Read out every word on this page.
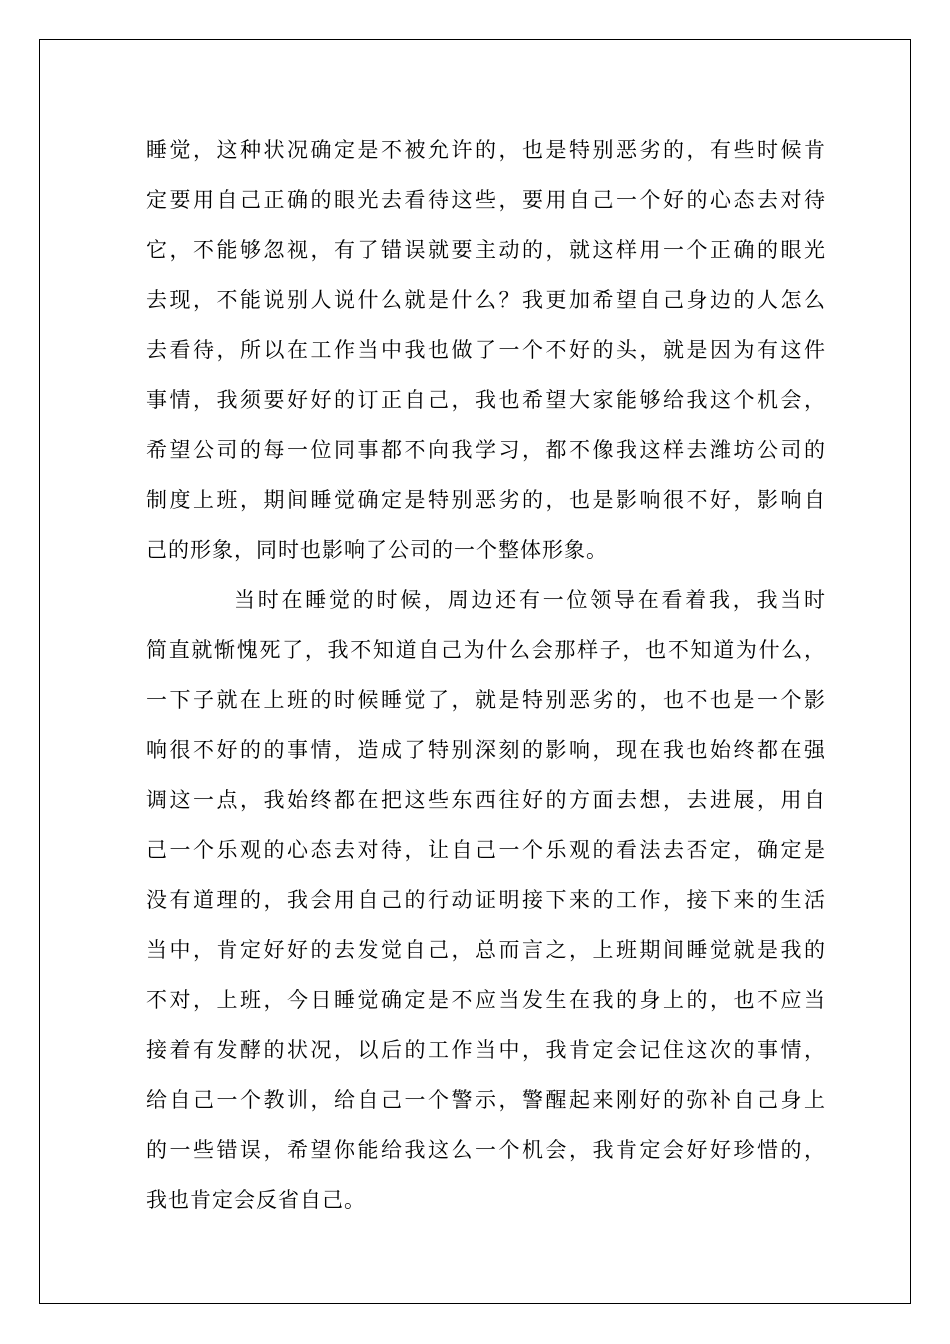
睡觉，这种状况确定是不被允许的，也是特别恶劣的，有些时候肯
定要用自己正确的眼光去看待这些，要用自己一个好的心态去对待
它，不能够忽视，有了错误就要主动的，就这样用一个正确的眼光
去现，不能说别人说什么就是什么？我更加希望自己身边的人怎么
去看待，所以在工作当中我也做了一个不好的头，就是因为有这件
事情，我须要好好的订正自己，我也希望大家能够给我这个机会，
希望公司的每一位同事都不向我学习，都不像我这样去潍坊公司的
制度上班，期间睡觉确定是特别恶劣的，也是影响很不好，影响自
己的形象，同时也影响了公司的一个整体形象。
当时在睡觉的时候，周边还有一位领导在看着我，我当时
简直就惭愧死了，我不知道自己为什么会那样子，也不知道为什么，
一下子就在上班的时候睡觉了，就是特别恶劣的，也不也是一个影
响很不好的的事情，造成了特别深刻的影响，现在我也始终都在强
调这一点，我始终都在把这些东西往好的方面去想，去进展，用自
己一个乐观的心态去对待，让自己一个乐观的看法去否定，确定是
没有道理的，我会用自己的行动证明接下来的工作，接下来的生活
当中，肯定好好的去发觉自己，总而言之，上班期间睡觉就是我的
不对，上班，今日睡觉确定是不应当发生在我的身上的，也不应当
接着有发酵的状况，以后的工作当中，我肯定会记住这次的事情，
给自己一个教训，给自己一个警示，警醒起来刚好的弥补自己身上
的一些错误，希望你能给我这么一个机会，我肯定会好好珍惜的，
我也肯定会反省自己。
